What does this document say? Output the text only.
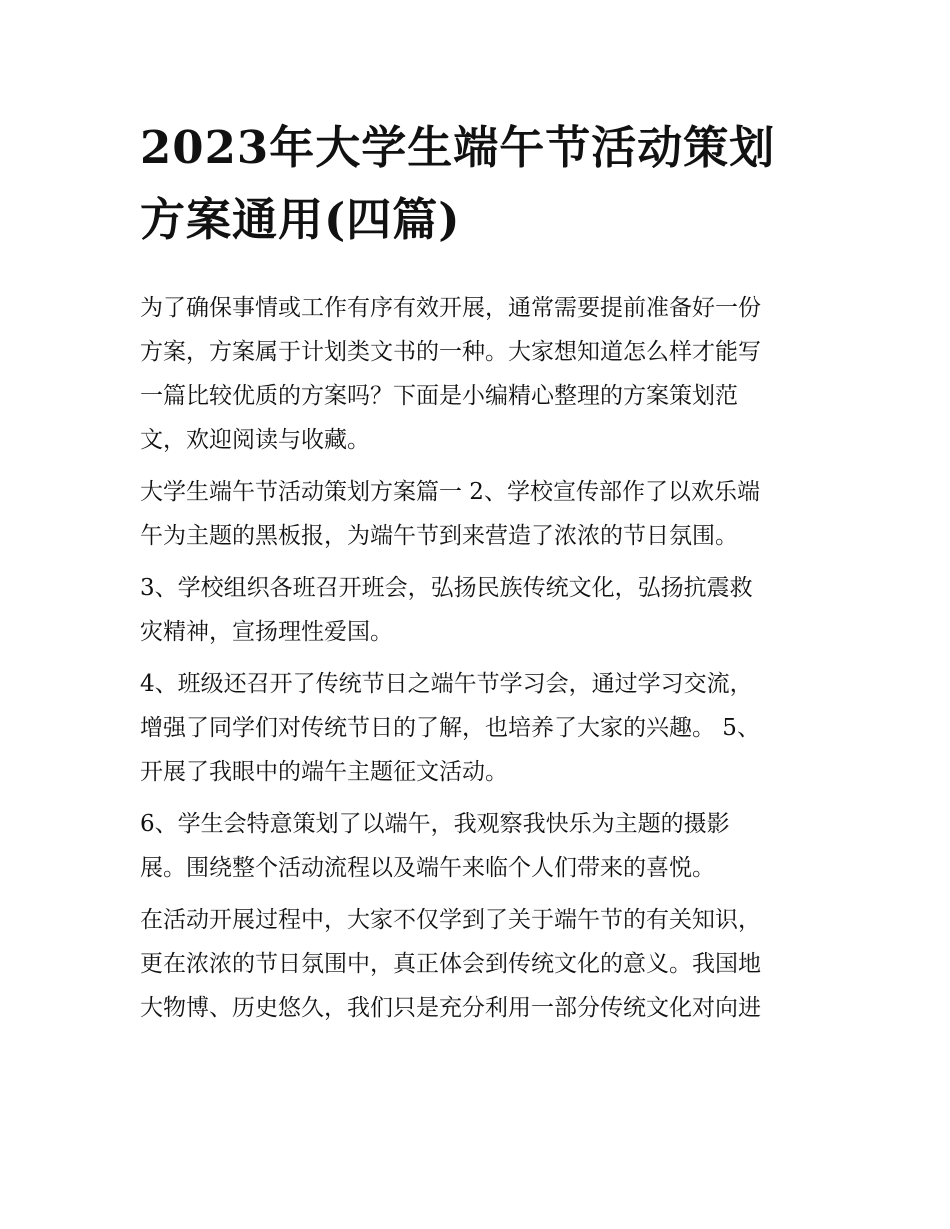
2023年大学生端午节活动策划
方案通用(四篇)
为了确保事情或工作有序有效开展，通常需要提前准备好一份
方案，方案属于计划类文书的一种。大家想知道怎么样才能写
一篇比较优质的方案吗？下面是小编精心整理的方案策划范
文，欢迎阅读与收藏。
大学生端午节活动策划方案篇一 2、学校宣传部作了以欢乐端
午为主题的黑板报，为端午节到来营造了浓浓的节日氛围。
3、学校组织各班召开班会，弘扬民族传统文化，弘扬抗震救
灾精神，宣扬理性爱国。
4、班级还召开了传统节日之端午节学习会，通过学习交流，
增强了同学们对传统节日的了解，也培养了大家的兴趣。 5、
开展了我眼中的端午主题征文活动。
6、学生会特意策划了以端午，我观察我快乐为主题的摄影
展。围绕整个活动流程以及端午来临个人们带来的喜悦。
在活动开展过程中，大家不仅学到了关于端午节的有关知识，
更在浓浓的节日氛围中，真正体会到传统文化的意义。我国地
大物博、历史悠久，我们只是充分利用一部分传统文化对向进
